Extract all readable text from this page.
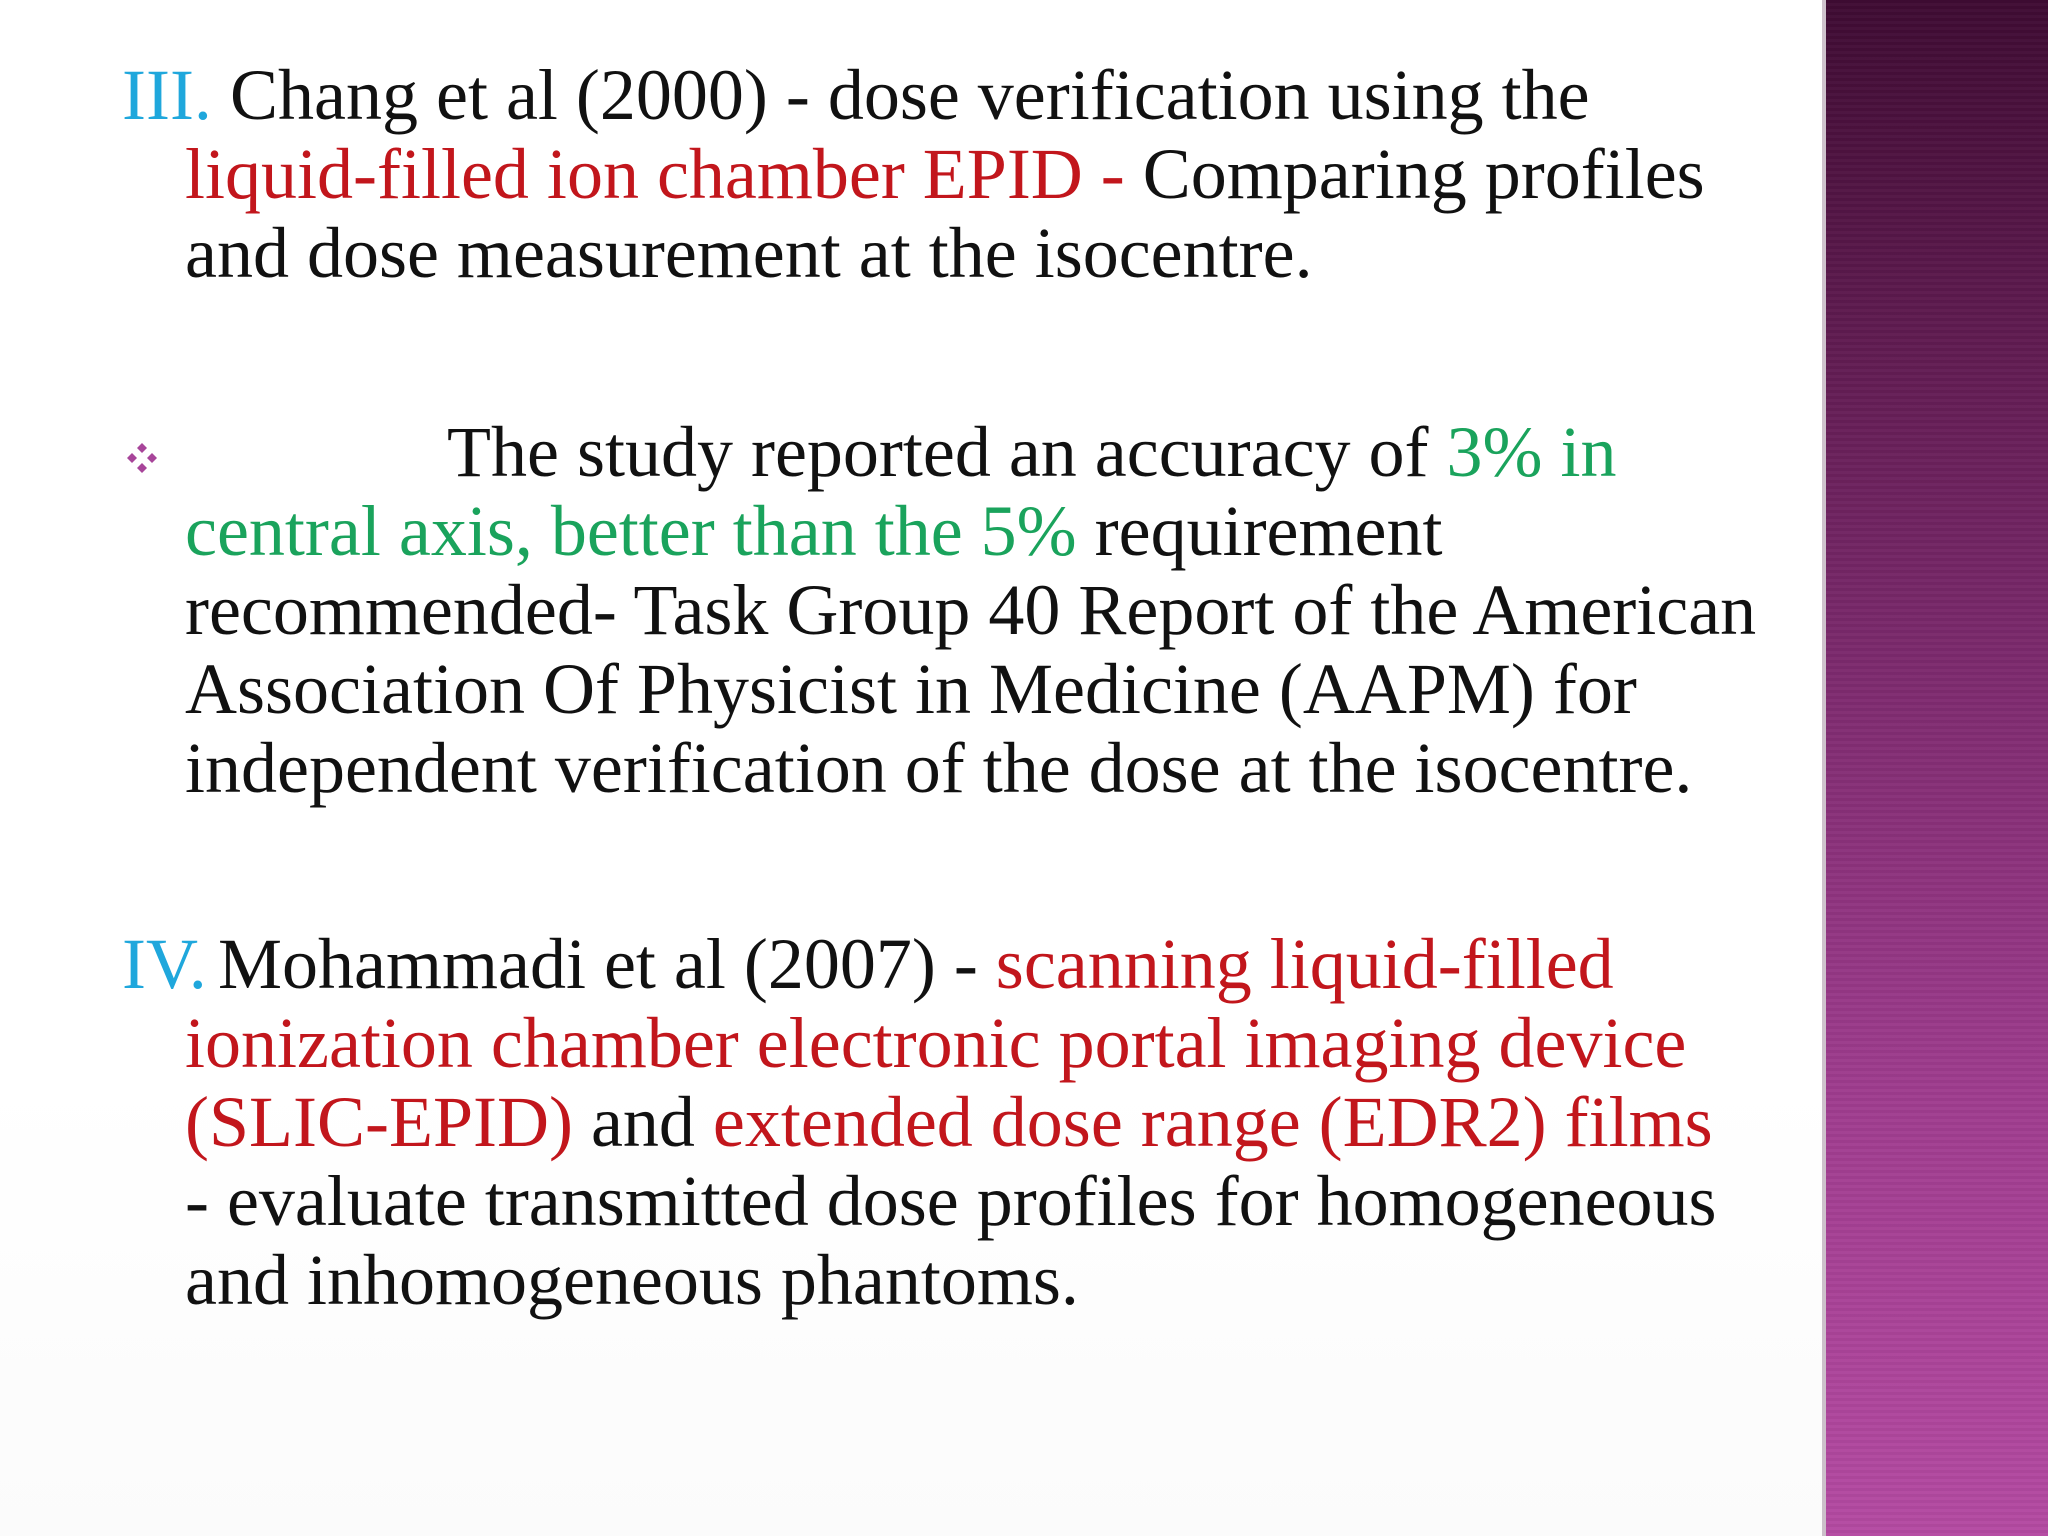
III. Chang et al (2000) - dose verification using the
liquid-filled ion chamber EPID - Comparing profiles
and dose measurement at the isocentre.
The study reported an accuracy of 3% in
central axis, better than the 5% requirement
recommended- Task Group 40 Report of the American
Association Of Physicist in Medicine (AAPM) for
independent verification of the dose at the isocentre.
IV. Mohammadi et al (2007) - scanning liquid-filled
ionization chamber electronic portal imaging device
(SLIC-EPID) and extended dose range (EDR2) films
- evaluate transmitted dose profiles for homogeneous
and inhomogeneous phantoms.
